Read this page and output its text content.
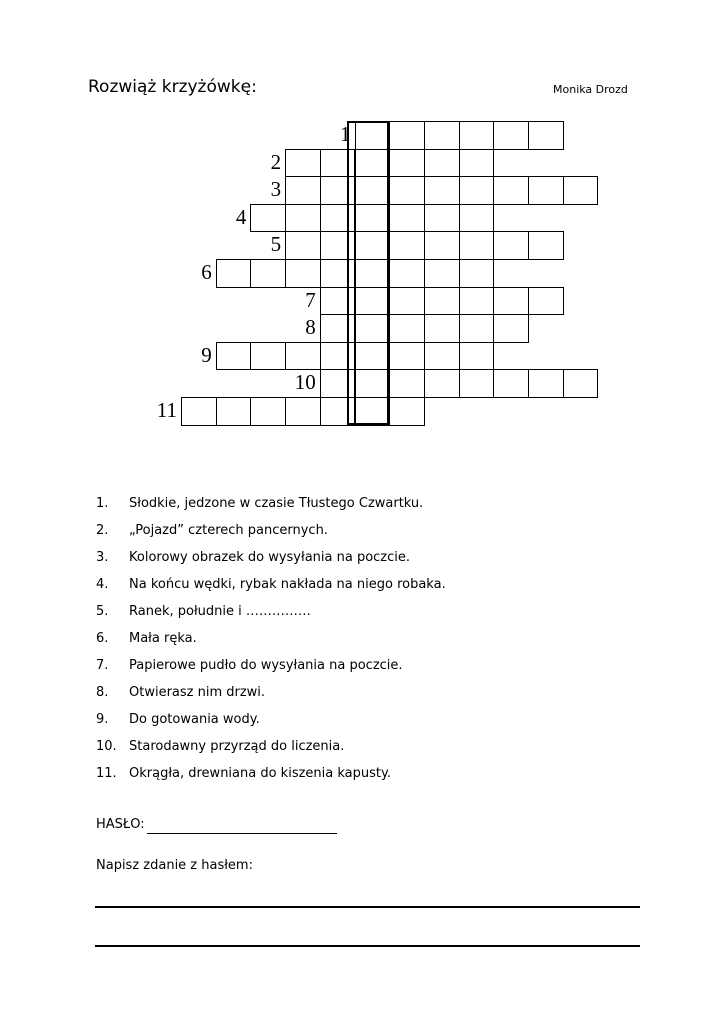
Rozwiąż krzyżówkę:	Monika Drozd
1
2
3
4
5
6
7
8
9
10
11
1.	Słodkie, jedzone w czasie Tłustego Czwartku.
2.	„Pojazd” czterech pancernych.
3.	Kolorowy obrazek do wysyłania na poczcie.
4.	Na końcu wędki, rybak nakłada na niego robaka.
5.	Ranek, południe i ……………
6.	Mała ręka.
7.	Papierowe pudło do wysyłania na poczcie.
8.	Otwierasz nim drzwi.
9.	Do gotowania wody.
10. Starodawny przyrząd do liczenia.
11. Okrągła, drewniana do kiszenia kapusty.
HASŁO:
Napisz zdanie z hasłem:
